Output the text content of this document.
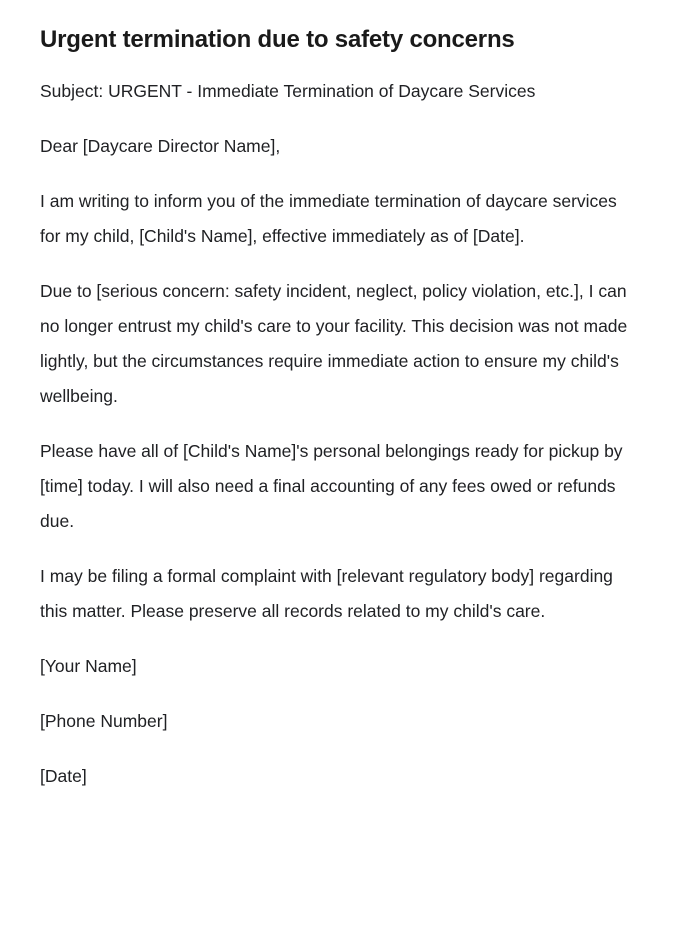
Urgent termination due to safety concerns

Subject: URGENT - Immediate Termination of Daycare Services

Dear [Daycare Director Name],

I am writing to inform you of the immediate termination of daycare services for my child, [Child's Name], effective immediately as of [Date].

Due to [serious concern: safety incident, neglect, policy violation, etc.], I can no longer entrust my child's care to your facility. This decision was not made lightly, but the circumstances require immediate action to ensure my child's wellbeing.

Please have all of [Child's Name]'s personal belongings ready for pickup by [time] today. I will also need a final accounting of any fees owed or refunds due.

I may be filing a formal complaint with [relevant regulatory body] regarding this matter. Please preserve all records related to my child's care.

[Your Name]

[Phone Number]

[Date]
